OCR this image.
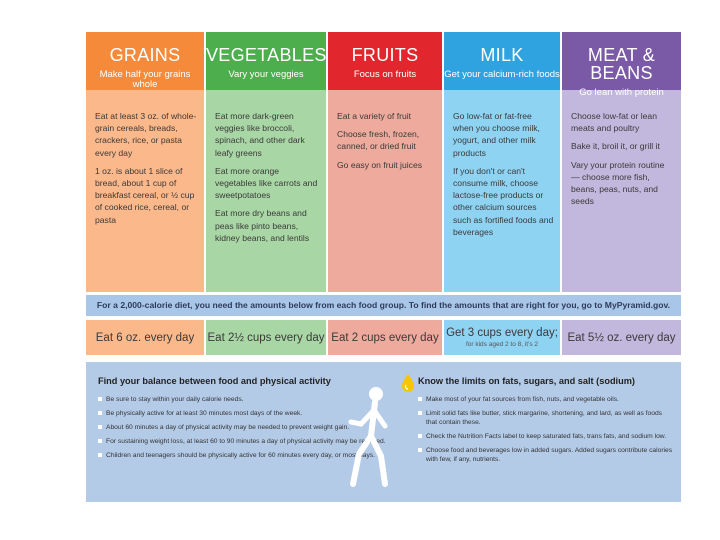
GRAINS
Make half your grains whole

Eat at least 3 oz. of whole-grain cereals, breads, crackers, rice, or pasta every day

1 oz. is about 1 slice of bread, about 1 cup of breakfast cereal, or ½ cup of cooked rice, cereal, or pasta

VEGETABLES
Vary your veggies

Eat more dark-green veggies like broccoli, spinach, and other dark leafy greens

Eat more orange vegetables like carrots and sweetpotatoes

Eat more dry beans and peas like pinto beans, kidney beans, and lentils

FRUITS
Focus on fruits

Eat a variety of fruit

Choose fresh, frozen, canned, or dried fruit

Go easy on fruit juices

MILK
Get your calcium-rich foods

Go low-fat or fat-free when you choose milk, yogurt, and other milk products

If you don't or can't consume milk, choose lactose-free products or other calcium sources such as fortified foods and beverages

MEAT & BEANS
Go lean with protein

Choose low-fat or lean meats and poultry

Bake it, broil it, or grill it

Vary your protein routine — choose more fish, beans, peas, nuts, and seeds

For a 2,000-calorie diet, you need the amounts below from each food group. To find the amounts that are right for you, go to MyPyramid.gov.
Eat 6 oz. every day	Eat 2½ cups every day Eat 2 cups every day Get 3 cups every day;
for kids aged 2 to 8, it's 2
Eat 5½ oz. every day
Find your balance between food and physical activity
Be sure to stay within your daily calorie needs.
Be physically active for at least 30 minutes most days of the week.
About 60 minutes a day of physical activity may be needed to prevent weight gain.
For sustaining weight loss, at least 60 to 90 minutes a day of physical activity may be required.
Children and teenagers should be physically active for 60 minutes every day, or most days.
Know the limits on fats, sugars, and salt (sodium)
Make most of your fat sources from fish, nuts, and vegetable oils.
Limit solid fats like butter, stick margarine, shortening, and lard, as well as foods that contain these.
Check the Nutrition Facts label to keep saturated fats, trans fats, and sodium low.
Choose food and beverages low in added sugars. Added sugars contribute calories with few, if any, nutrients.
